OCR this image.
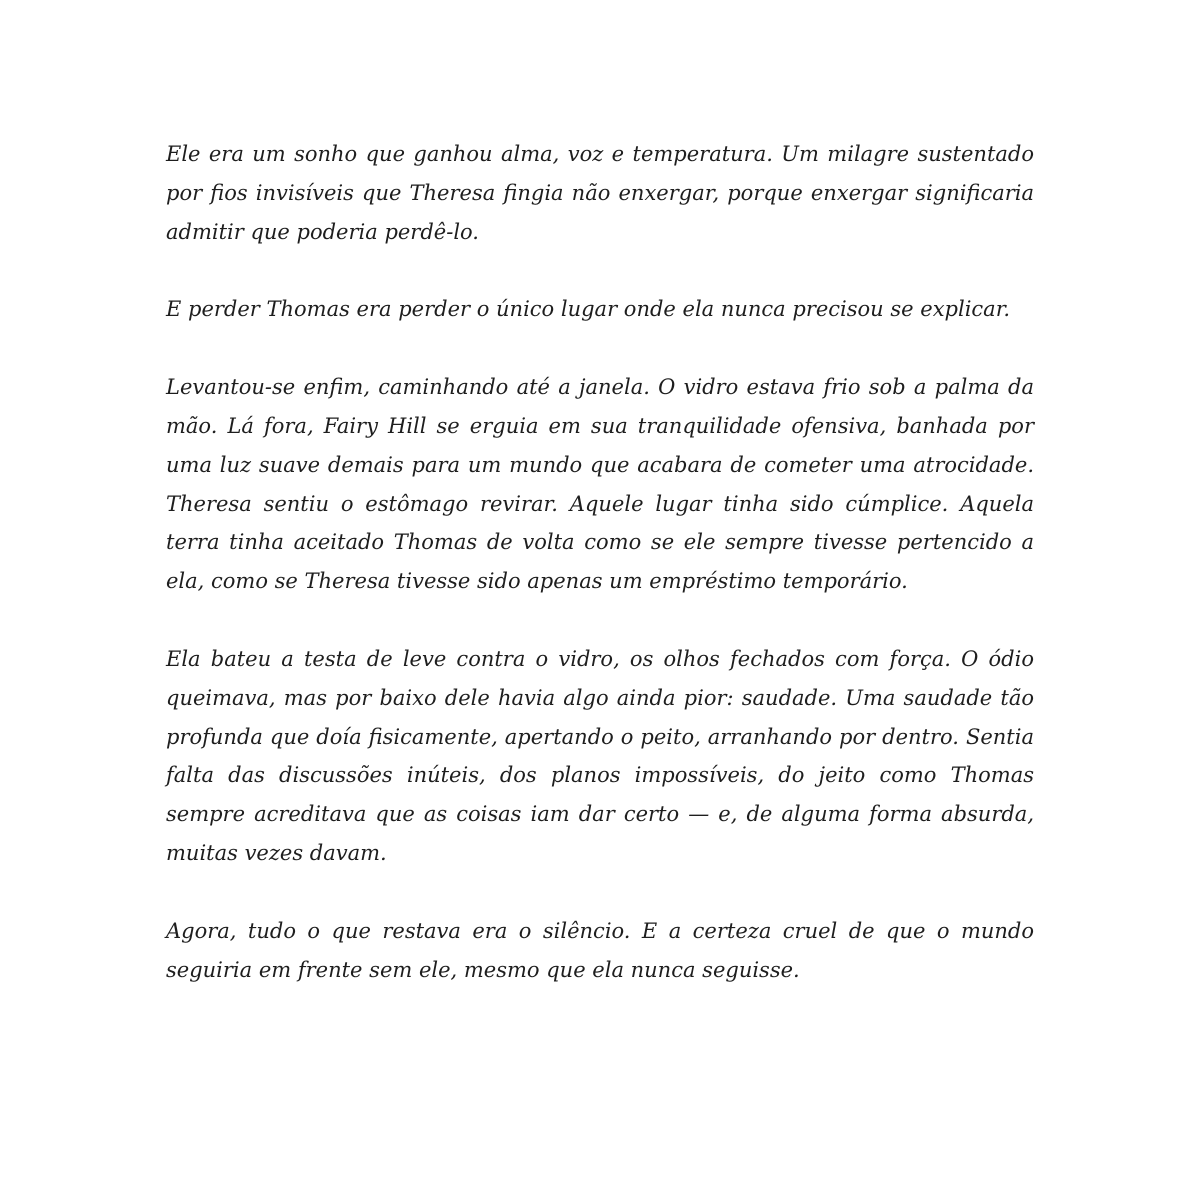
Ele era um sonho que ganhou alma, voz e temperatura. Um milagre sustentado por fios invisíveis que Theresa fingia não enxergar, porque enxergar significaria admitir que poderia perdê-lo.

E perder Thomas era perder o único lugar onde ela nunca precisou se explicar.

Levantou-se enfim, caminhando até a janela. O vidro estava frio sob a palma da mão. Lá fora, Fairy Hill se erguia em sua tranquilidade ofensiva, banhada por uma luz suave demais para um mundo que acabara de cometer uma atrocidade. Theresa sentiu o estômago revirar. Aquele lugar tinha sido cúmplice. Aquela terra tinha aceitado Thomas de volta como se ele sempre tivesse pertencido a ela, como se Theresa tivesse sido apenas um empréstimo temporário.

Ela bateu a testa de leve contra o vidro, os olhos fechados com força. O ódio queimava, mas por baixo dele havia algo ainda pior: saudade. Uma saudade tão profunda que doía fisicamente, apertando o peito, arranhando por dentro. Sentia falta das discussões inúteis, dos planos impossíveis, do jeito como Thomas sempre acreditava que as coisas iam dar certo — e, de alguma forma absurda, muitas vezes davam.

Agora, tudo o que restava era o silêncio. E a certeza cruel de que o mundo seguiria em frente sem ele, mesmo que ela nunca seguisse.
